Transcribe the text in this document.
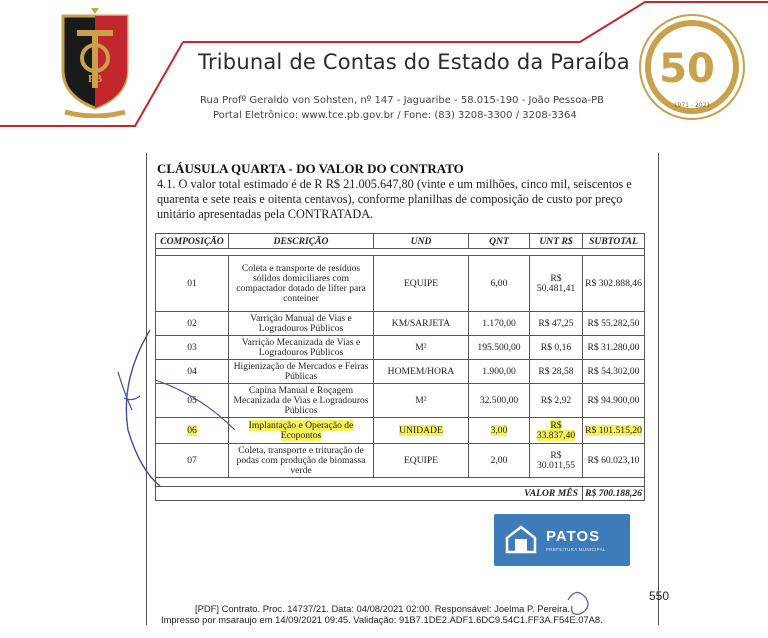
PB
Tribunal de Contas do Estado da Paraíba
Rua Profº Geraldo von Sohsten, nº 147 - Jaguaribe - 58.015-190 - João Pessoa-PB
Portal Eletrônico: www.tce.pb.gov.br / Fone: (83) 3208-3300 / 3208-3364
50
1971 - 2021
CLÁUSULA QUARTA - DO VALOR DO CONTRATO
4.1. O valor total estimado é de R R$ 21.005.647,80 (vinte e um milhões, cinco mil, seiscentos e quarenta e sete reais e oitenta centavos), conforme planilhas de composição de custo por preço unitário apresentadas pela CONTRATADA.
COMPOSIÇÃO	DESCRIÇÃO	UND	QNT	UNT R$	SUBTOTAL

01	Coleta e transporte de resíduos sólidos domiciliares com compactador dotado de lifter para conteiner	EQUIPE	6,00	R$ 50.481,41	R$ 302.888,46
02	Varrição Manual de Vias e Logradouros Públicos	KM/SARJETA	1.170,00	R$ 47,25	R$ 55.282,50
03	Varrição Mecanizada de Vias e Logradouros Públicos	M²	195.500,00	R$ 0,16	R$ 31.280,00
04	Higienização de Mercados e Feiras Públicas	HOMEM/HORA	1.900,00	R$ 28,58	R$ 54.302,00
05	Capina Manual e Roçagem Mecanizada de Vias e Logradouros Públicos	M²	32.500,00	R$ 2,92	R$ 94.900,00
06	Implantação e Operação de Ecopontos	UNIDADE	3,00	R$ 33.837,40	R$ 101.515,20
07	Coleta, transporte e trituração de podas com produção de biomassa verde	EQUIPE	2,00	R$ 30.011,55	R$ 60.023,10

VALOR MÊS					R$ 700.188,26
PATOS
PREFEITURA MUNICIPAL
550
[PDF] Contrato. Proc. 14737/21. Data: 04/08/2021 02:00. Responsável: Joelma P. Pereira.
Impresso por msaraujo em 14/09/2021 09:45. Validação: 91B7.1DE2.ADF1.6DC9.54C1.FF3A.F54E.07A8.
